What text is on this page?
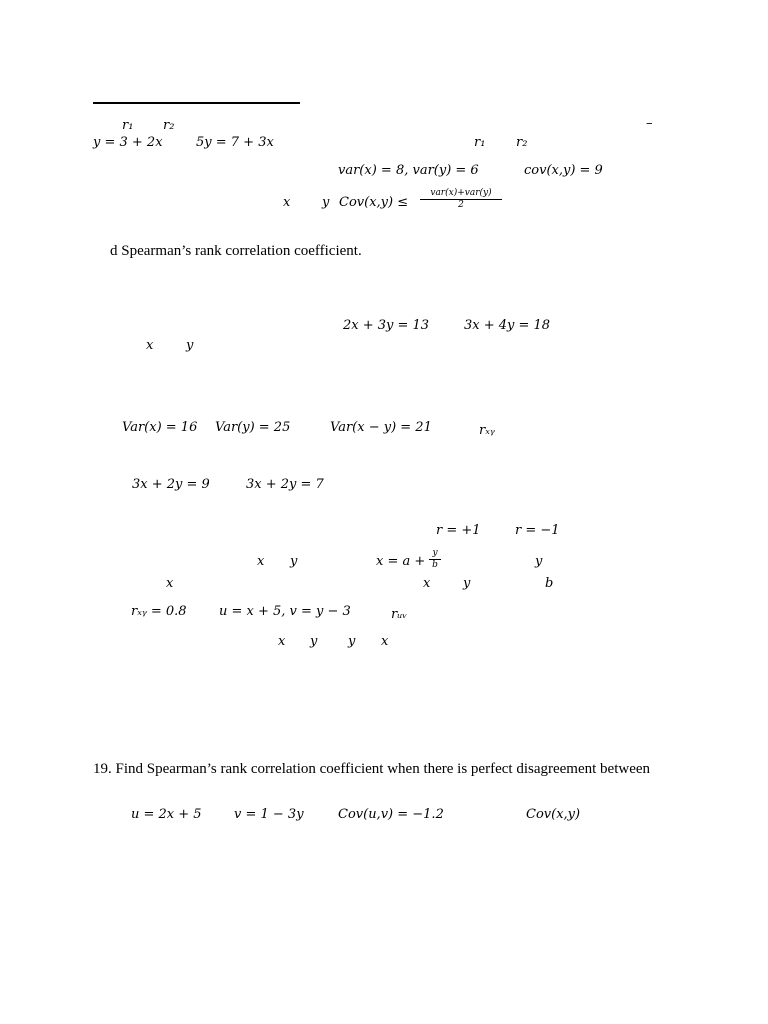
r₁ r₂	–
y = 3 + 2x	5y = 7 + 3x	r₁ r₂
var(x) = 8, var(y) = 6	cov(x,y) = 9
x y Cov(x,y) ≤
var(x)+var(y)
2
d Spearman’s rank correlation coefficient.
2x + 3y = 13	3x + 4y = 18
x	y
Var(x) = 16 Var(y) = 25	Var(x − y) = 21	rₓᵧ
3x + 2y = 9	3x + 2y = 7
r = +1	r = −1
x y	x = a +
y
b	y
x	x	y	b
rₓᵧ = 0.8 u = x + 5, v = y − 3	rᵤᵥ
x y y x
19. Find Spearman’s rank correlation coefficient when there is perfect disagreement between
u = 2x + 5 v = 1 − 3y	Cov(u,v) = −1.2	Cov(x,y)
